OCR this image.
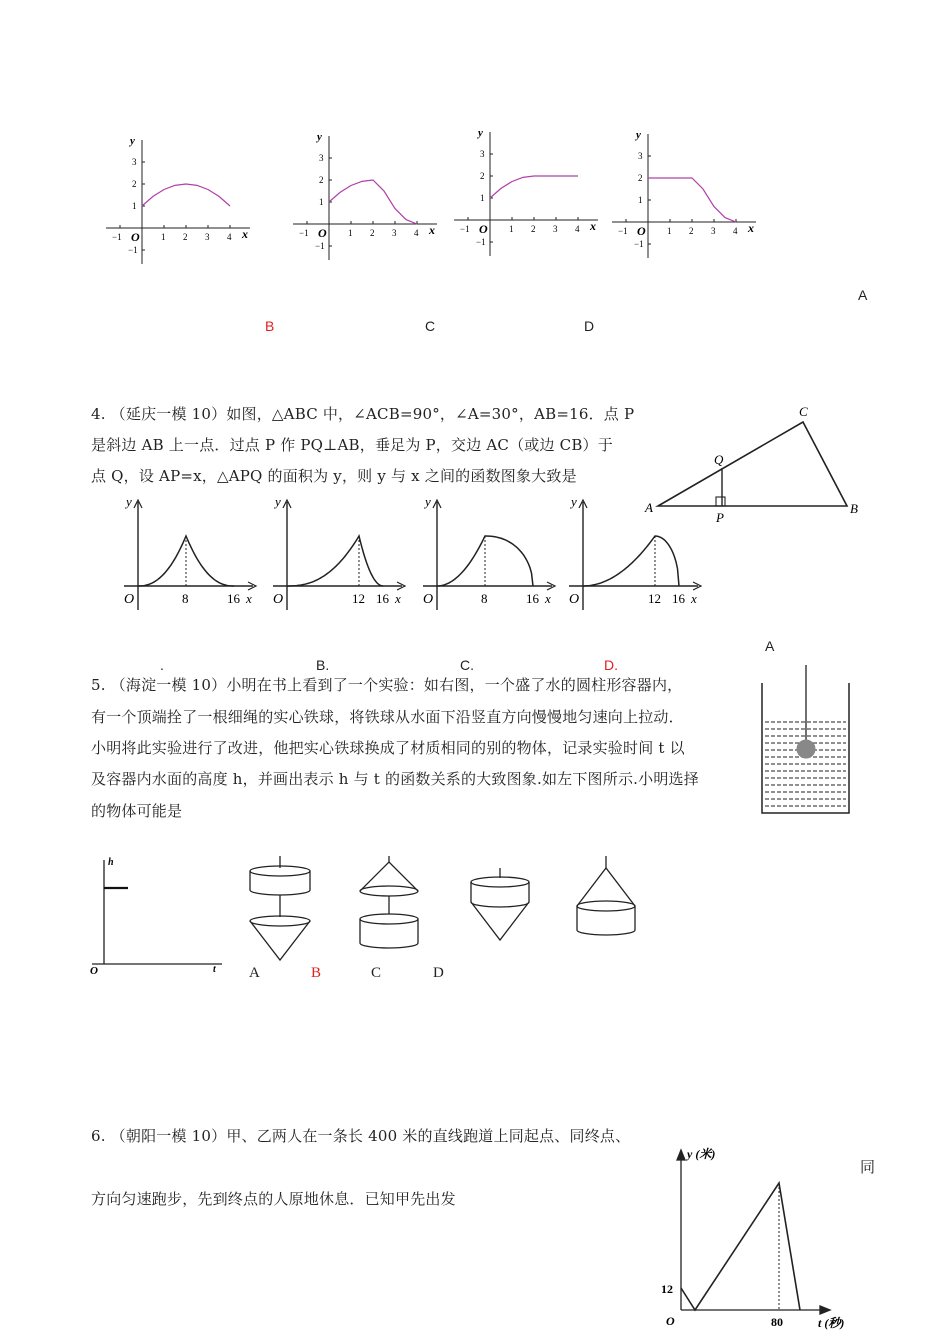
−1	1 2 3 4
3
2
1
−1
O	x
y
−1	1 2 3 4
3
2
1
−1
O	x
y
−1	1 2 3 4
3
2
1
−1
O	x
y
−1	1 2 3 4
3
2
1
−1
O	x
y
A
B	C	D
4. （延庆一模 10）如图，△ABC 中，∠ACB=90°，∠A=30°，AB=16．点 P
是斜边 AB 上一点．过点 P 作 PQ⊥AB，垂足为 P，交边 AC（或边 CB）于
点 Q，设 AP=x，△APQ 的面积为 y，则 y 与 x 之间的函数图象大致是
A	B
C
P
Q
8	16 x
y
O	12 16 x
y
O	8	16 x
y
O	12 16 x
y
O
A
.	B.	C.	D.
5. （海淀一模 10）小明在书上看到了一个实验：如右图，一个盛了水的圆柱形容器内，
有一个顶端拴了一根细绳的实心铁球，将铁球从水面下沿竖直方向慢慢地匀速向上拉动．
小明将此实验进行了改进，他把实心铁球换成了材质相同的别的物体，记录实验时间 t 以
及容器内水面的高度 h，并画出表示 h 与 t 的函数关系的大致图象.如左下图所示.小明选择
的物体可能是
h
t
O	A	B	C	D
6. （朝阳一模 10）甲、乙两人在一条长 400 米的直线跑道上同起点、同终点、
同
方向匀速跑步，先到终点的人原地休息．已知甲先出发
y (米)
t (秒)
O
12
80
